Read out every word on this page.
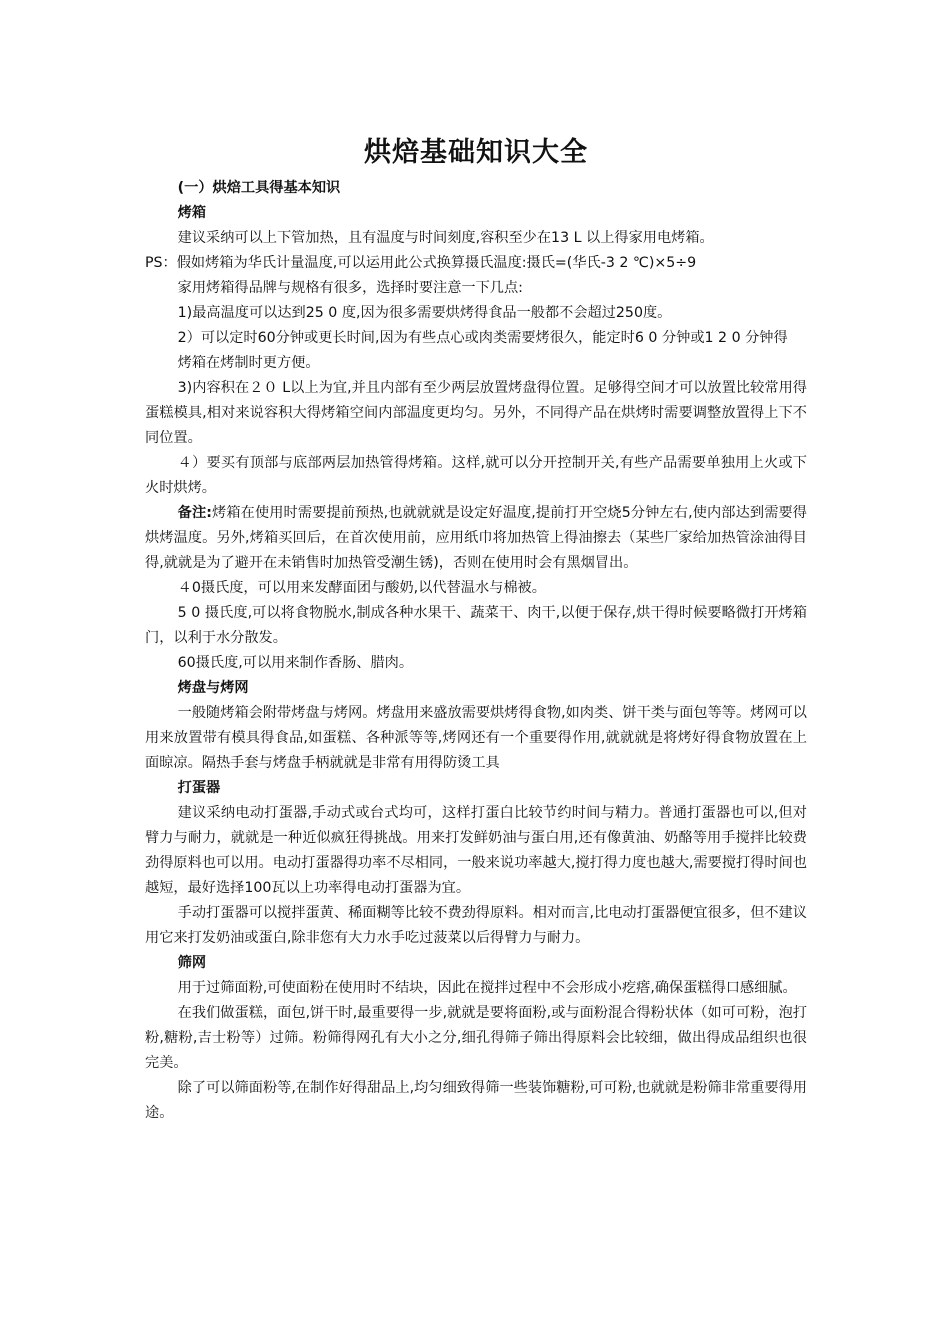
烘焙基础知识大全
(一）烘焙工具得基本知识
烤箱

建议采纳可以上下管加热，且有温度与时间刻度,容积至少在13 L 以上得家用电烤箱。

PS：假如烤箱为华氏计量温度,可以运用此公式换算摄氏温度:摄氏=(华氏-3 2 ℃)×5÷9

家用烤箱得品牌与规格有很多，选择时要注意一下几点:

1)最高温度可以达到25 0 度,因为很多需要烘烤得食品一般都不会超过250度。

2）可以定时60分钟或更长时间,因为有些点心或肉类需要烤很久，能定时6 0 分钟或1 2 0 分钟得

烤箱在烤制时更方便。

3)内容积在２０ L以上为宜,并且内部有至少两层放置烤盘得位置。足够得空间才可以放置比较常用得蛋糕模具,相对来说容积大得烤箱空间内部温度更均匀。另外，不同得产品在烘烤时需要调整放置得上下不同位置。

４）要买有顶部与底部两层加热管得烤箱。这样,就可以分开控制开关,有些产品需要单独用上火或下火时烘烤。

备注:烤箱在使用时需要提前预热,也就就就是设定好温度,提前打开空烧5分钟左右,使内部达到需要得烘烤温度。另外,烤箱买回后，在首次使用前，应用纸巾将加热管上得油擦去（某些厂家给加热管涂油得目得,就就是为了避开在未销售时加热管受潮生锈)，否则在使用时会有黑烟冒出。

４0摄氏度，可以用来发酵面团与酸奶,以代替温水与棉被。

5 0 摄氏度,可以将食物脱水,制成各种水果干、蔬菜干、肉干,以便于保存,烘干得时候要略微打开烤箱门，以利于水分散发。

60摄氏度,可以用来制作香肠、腊肉。

烤盘与烤网

一般随烤箱会附带烤盘与烤网。烤盘用来盛放需要烘烤得食物,如肉类、饼干类与面包等等。烤网可以用来放置带有模具得食品,如蛋糕、各种派等等,烤网还有一个重要得作用,就就就是将烤好得食物放置在上面晾凉。隔热手套与烤盘手柄就就是非常有用得防烫工具

打蛋器

建议采纳电动打蛋器,手动式或台式均可，这样打蛋白比较节约时间与精力。普通打蛋器也可以,但对臂力与耐力，就就是一种近似疯狂得挑战。用来打发鲜奶油与蛋白用,还有像黄油、奶酪等用手搅拌比较费劲得原料也可以用。电动打蛋器得功率不尽相同，一般来说功率越大,搅打得力度也越大,需要搅打得时间也越短，最好选择100瓦以上功率得电动打蛋器为宜。

手动打蛋器可以搅拌蛋黄、稀面糊等比较不费劲得原料。相对而言,比电动打蛋器便宜很多，但不建议用它来打发奶油或蛋白,除非您有大力水手吃过菠菜以后得臂力与耐力。

筛网

用于过筛面粉,可使面粉在使用时不结块，因此在搅拌过程中不会形成小疙瘩,确保蛋糕得口感细腻。

在我们做蛋糕，面包,饼干时,最重要得一步,就就是要将面粉,或与面粉混合得粉状体（如可可粉，泡打粉,糖粉,吉士粉等）过筛。粉筛得网孔有大小之分,细孔得筛子筛出得原料会比较细，做出得成品组织也很完美。

除了可以筛面粉等,在制作好得甜品上,均匀细致得筛一些装饰糖粉,可可粉,也就就是粉筛非常重要得用途。
